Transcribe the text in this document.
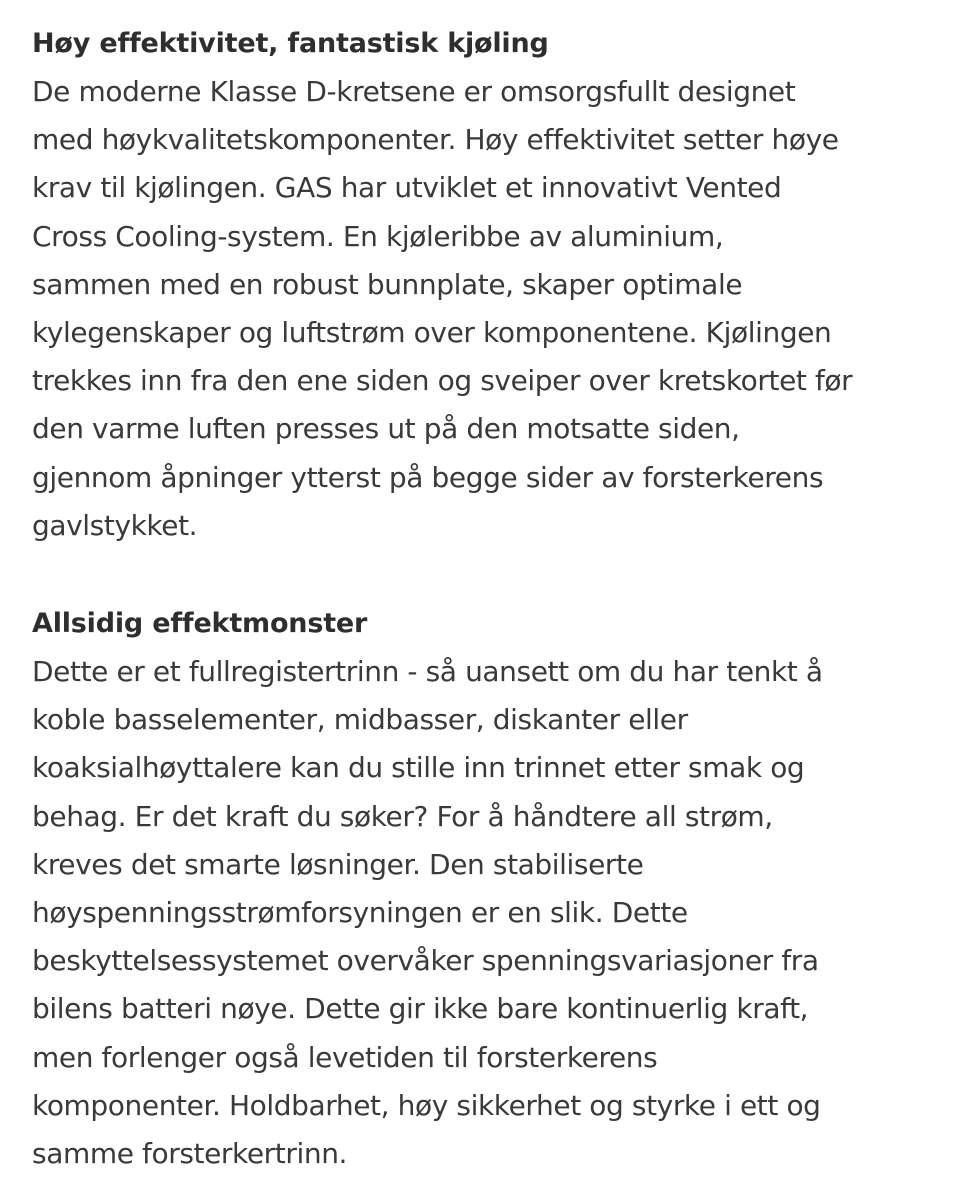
Høy effektivitet, fantastisk kjøling
De moderne Klasse D-kretsene er omsorgsfullt designet
med høykvalitetskomponenter. Høy effektivitet setter høye
krav til kjølingen. GAS har utviklet et innovativt Vented
Cross Cooling-system. En kjøleribbe av aluminium,
sammen med en robust bunnplate, skaper optimale
kylegenskaper og luftstrøm over komponentene. Kjølingen
trekkes inn fra den ene siden og sveiper over kretskortet før
den varme luften presses ut på den motsatte siden,
gjennom åpninger ytterst på begge sider av forsterkerens
gavlstykket.
Allsidig effektmonster
Dette er et fullregistertrinn - så uansett om du har tenkt å
koble basselementer, midbasser, diskanter eller
koaksialhøyttalere kan du stille inn trinnet etter smak og
behag. Er det kraft du søker? For å håndtere all strøm,
kreves det smarte løsninger. Den stabiliserte
høyspenningsstrømforsyningen er en slik. Dette
beskyttelsessystemet overvåker spenningsvariasjoner fra
bilens batteri nøye. Dette gir ikke bare kontinuerlig kraft,
men forlenger også levetiden til forsterkerens
komponenter. Holdbarhet, høy sikkerhet og styrke i ett og
samme forsterkertrinn.
